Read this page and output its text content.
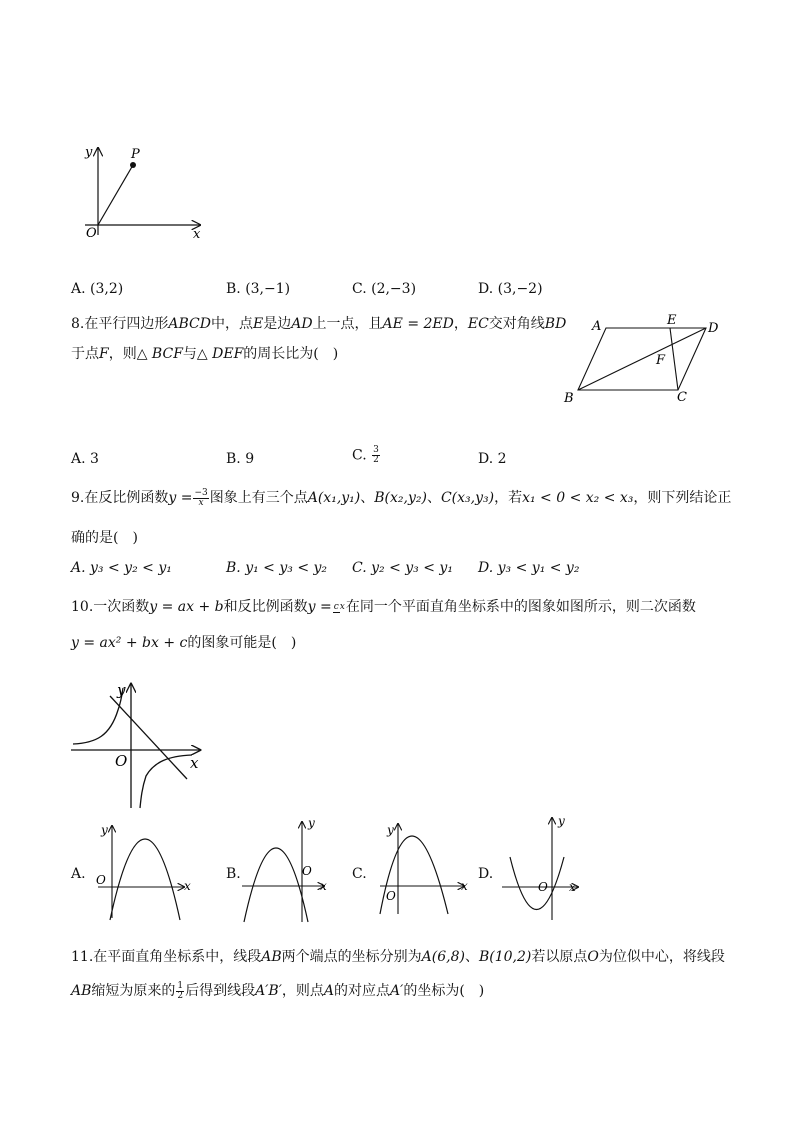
y	P
O	x
A. (3,2)	B. (3,−1)	C. (2,−3)	D. (3,−2)
8.在平行四边形ABCD中，点E是边AD上一点，且AE = 2ED，EC交对角线BD
于点F，则△ BCF与△ DEF的周长比为(　)
A	E
D
F
B	C
A. 3	B. 9	C. $\frac{3}{2}$	D. 2
9.在反比例函数$y = \frac{-3}{x}$图象上有三个点A(x₁,y₁)、B(x₂,y₂)、C(x₃,y₃)，若x₁ < 0 < x₂ < x₃，则下列结论正
确的是(　)
A. y₃ < y₂ < y₁	B. y₁ < y₃ < y₂ C. y₂ < y₃ < y₁ D. y₃ < y₁ < y₂
10.一次函数y = ax + b和反比例函数y = cx在同一个平面直角坐标系中的图象如图所示，则二次函数
y = ax² + bx + c的图象可能是(　)
y
O	x
A.
y
O	x
B.
y
O
x
C.
y
O
x
D.
y
O x
11.在平面直角坐标系中，线段AB两个端点的坐标分别为A(6,8)、B(10,2)若以原点O为位似中心，将线段
AB缩短为原来的 $\frac{1}{2}$ 后得到线段A′B′，则点A的对应点A′的坐标为(　)
